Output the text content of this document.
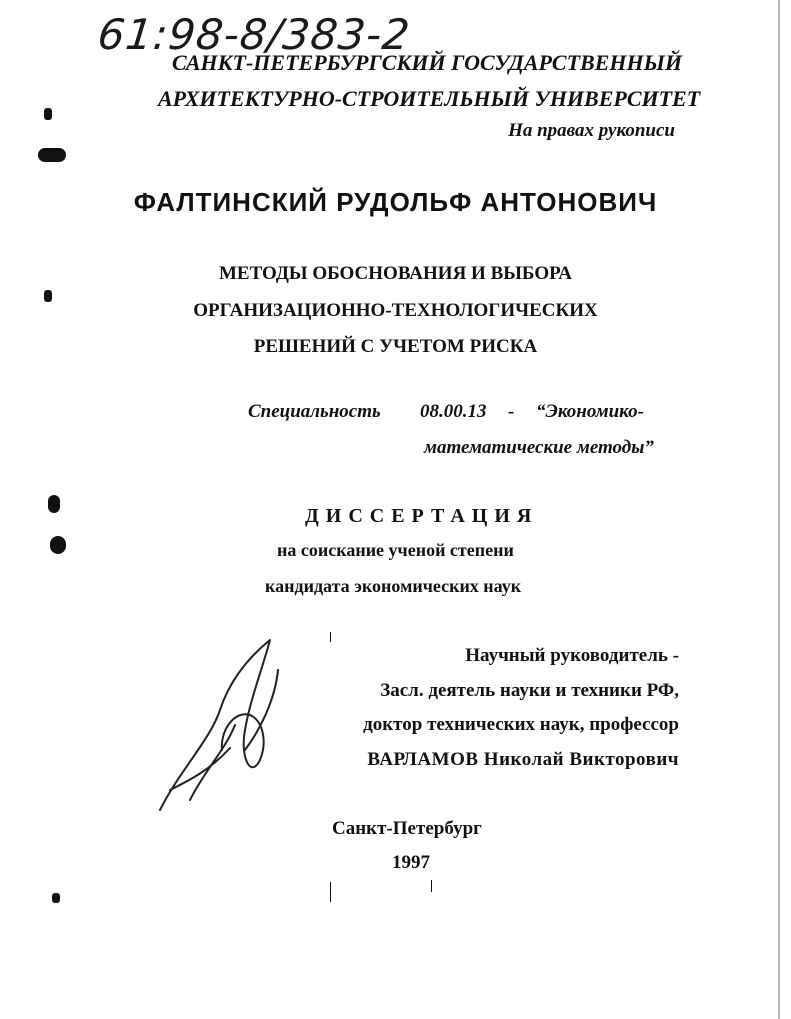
61:98-8/383-2
САНКТ-ПЕТЕРБУРГСКИЙ ГОСУДАРСТВЕННЫЙ
АРХИТЕКТУРНО-СТРОИТЕЛЬНЫЙ УНИВЕРСИТЕТ
На правах рукописи
ФАЛТИНСКИЙ РУДОЛЬФ АНТОНОВИЧ
МЕТОДЫ ОБОСНОВАНИЯ И ВЫБОРА
ОРГАНИЗАЦИОННО-ТЕХНОЛОГИЧЕСКИХ
РЕШЕНИЙ С УЧЕТОМ РИСКА
Специальность 08.00.13 - “Экономико-
математические методы”
ДИССЕРТАЦИЯ
на соискание ученой степени
кандидата экономических наук
Научный руководитель -
Засл. деятель науки и техники РФ,
доктор технических наук, профессор
ВАРЛАМОВ Николай Викторович
Санкт-Петербург
1997
